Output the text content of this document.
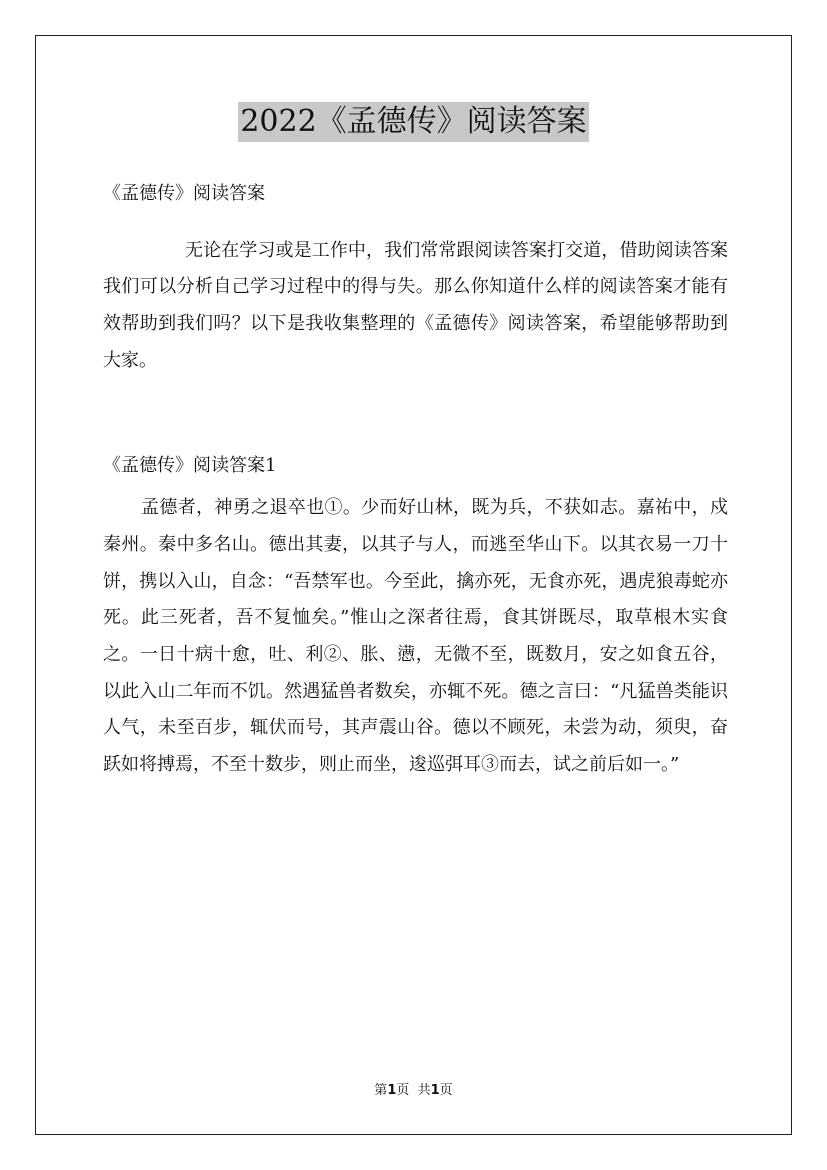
2022《孟德传》阅读答案

《孟德传》阅读答案

无论在学习或是工作中，我们常常跟阅读答案打交道，借助阅读答案我们可以分析自己学习过程中的得与失。那么你知道什么样的阅读答案才能有效帮助到我们吗？以下是我收集整理的《孟德传》阅读答案，希望能够帮助到大家。

《孟德传》阅读答案1

孟德者，神勇之退卒也①。少而好山林，既为兵，不获如志。嘉祐中，戍秦州。秦中多名山。德出其妻，以其子与人，而逃至华山下。以其衣易一刀十饼，携以入山，自念：“吾禁军也。今至此，擒亦死，无食亦死，遇虎狼毒蛇亦死。此三死者，吾不复恤矣。”惟山之深者往焉，食其饼既尽，取草根木实食之。一日十病十愈，吐、利②、胀、懑，无微不至，既数月，安之如食五谷，以此入山二年而不饥。然遇猛兽者数矣，亦辄不死。德之言曰：“凡猛兽类能识人气，未至百步，辄伏而号，其声震山谷。德以不顾死，未尝为动，须臾，奋跃如将搏焉，不至十数步，则止而坐，逡巡弭耳③而去，试之前后如一。”

第1页  共1页
